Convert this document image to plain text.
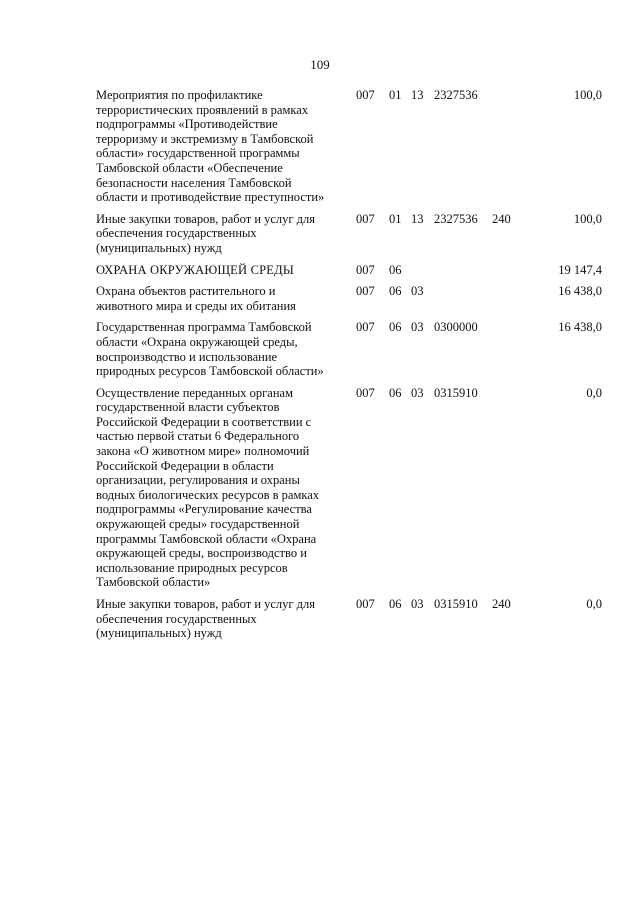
109
Мероприятия по профилактике
террористических проявлений в рамках
подпрограммы «Противодействие
терроризму и экстремизму в Тамбовской
области» государственной программы
Тамбовской области «Обеспечение
безопасности населения Тамбовской
области и противодействие преступности»
007	01 13 2327536	100,0
Иные закупки товаров, работ и услуг для
обеспечения государственных
(муниципальных) нужд
007	01 13 2327536	240	100,0
ОХРАНА ОКРУЖАЮЩЕЙ СРЕДЫ	007	06	19 147,4
Охрана объектов растительного и
животного мира и среды их обитания
007	06 03	16 438,0
Государственная программа Тамбовской
области «Охрана окружающей среды,
воспроизводство и использование
природных ресурсов Тамбовской области»
007	06 03 0300000	16 438,0
Осуществление переданных органам
государственной власти субъектов
Российской Федерации в соответствии с
частью первой статьи 6 Федерального
закона «О животном мире» полномочий
Российской Федерации в области
организации, регулирования и охраны
водных биологических ресурсов в рамках
подпрограммы «Регулирование качества
окружающей среды» государственной
программы Тамбовской области «Охрана
окружающей среды, воспроизводство и
использование природных ресурсов
Тамбовской области»
007	06 03 0315910	0,0
Иные закупки товаров, работ и услуг для
обеспечения государственных
(муниципальных) нужд
007	06 03 0315910	240	0,0
